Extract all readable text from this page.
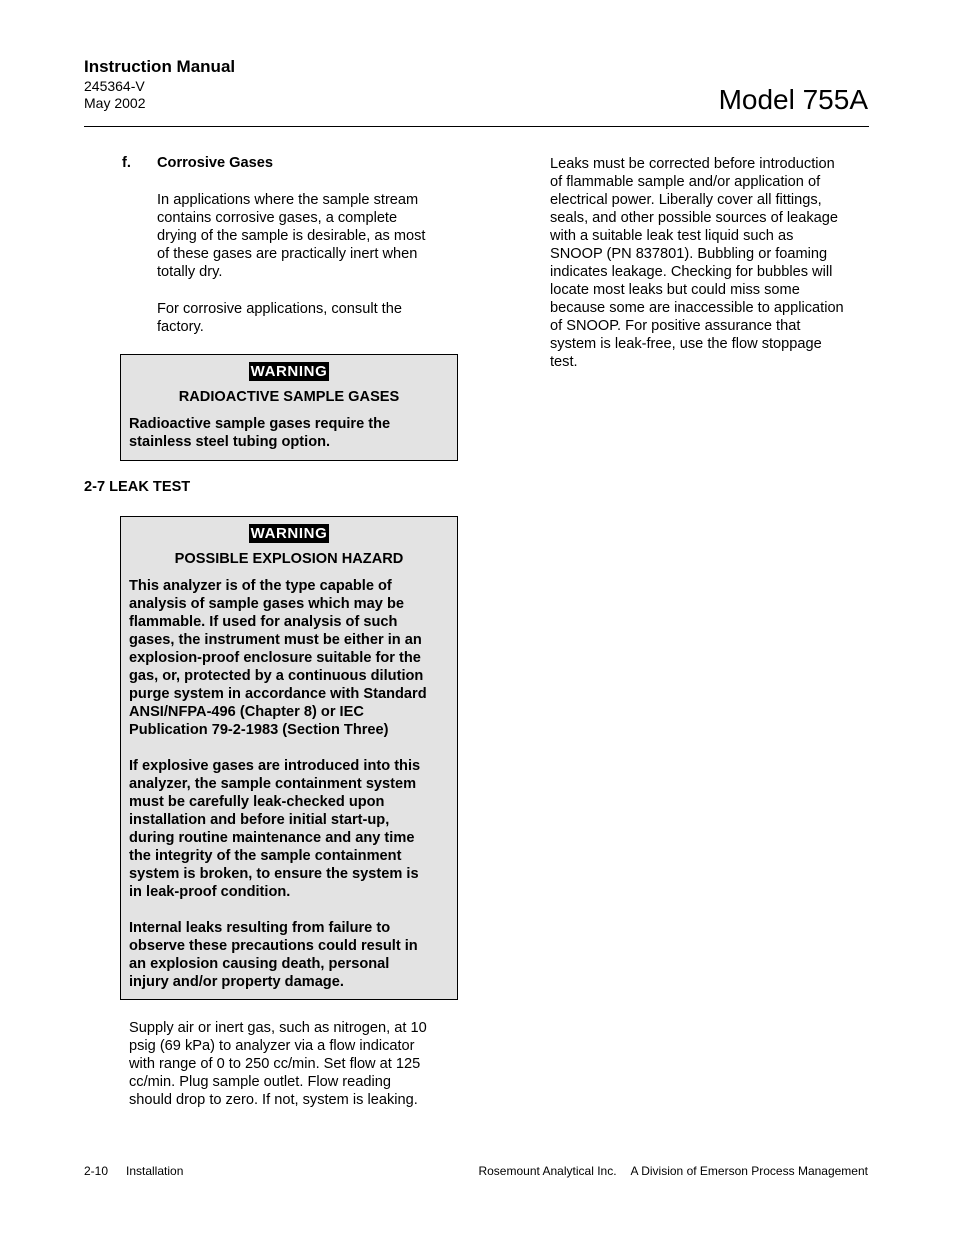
Instruction Manual
245364-V
May 2002	Model 755A
f. Corrosive Gases
In applications where the sample stream
contains corrosive gases, a complete
drying of the sample is desirable, as most
of these gases are practically inert when
totally dry.
For corrosive applications, consult the
factory.
WARNING
RADIOACTIVE SAMPLE GASES
Radioactive sample gases require the
stainless steel tubing option.
2-7 LEAK TEST
WARNING
POSSIBLE EXPLOSION HAZARD
This analyzer is of the type capable of
analysis of sample gases which may be
flammable. If used for analysis of such
gases, the instrument must be either in an
explosion-proof enclosure suitable for the
gas, or, protected by a continuous dilution
purge system in accordance with Standard
ANSI/NFPA-496 (Chapter 8) or IEC
Publication 79-2-1983 (Section Three)
If explosive gases are introduced into this
analyzer, the sample containment system
must be carefully leak-checked upon
installation and before initial start-up,
during routine maintenance and any time
the integrity of the sample containment
system is broken, to ensure the system is
in leak-proof condition.
Internal leaks resulting from failure to
observe these precautions could result in
an explosion causing death, personal
injury and/or property damage.
Supply air or inert gas, such as nitrogen, at 10
psig (69 kPa) to analyzer via a flow indicator
with range of 0 to 250 cc/min. Set flow at 125
cc/min. Plug sample outlet. Flow reading
should drop to zero. If not, system is leaking.
Leaks must be corrected before introduction
of flammable sample and/or application of
electrical power. Liberally cover all fittings,
seals, and other possible sources of leakage
with a suitable leak test liquid such as
SNOOP (PN 837801). Bubbling or foaming
indicates leakage. Checking for bubbles will
locate most leaks but could miss some
because some are inaccessible to application
of SNOOP. For positive assurance that
system is leak-free, use the flow stoppage
test.
2-10 Installation	Rosemount Analytical Inc. A Division of Emerson Process Management
